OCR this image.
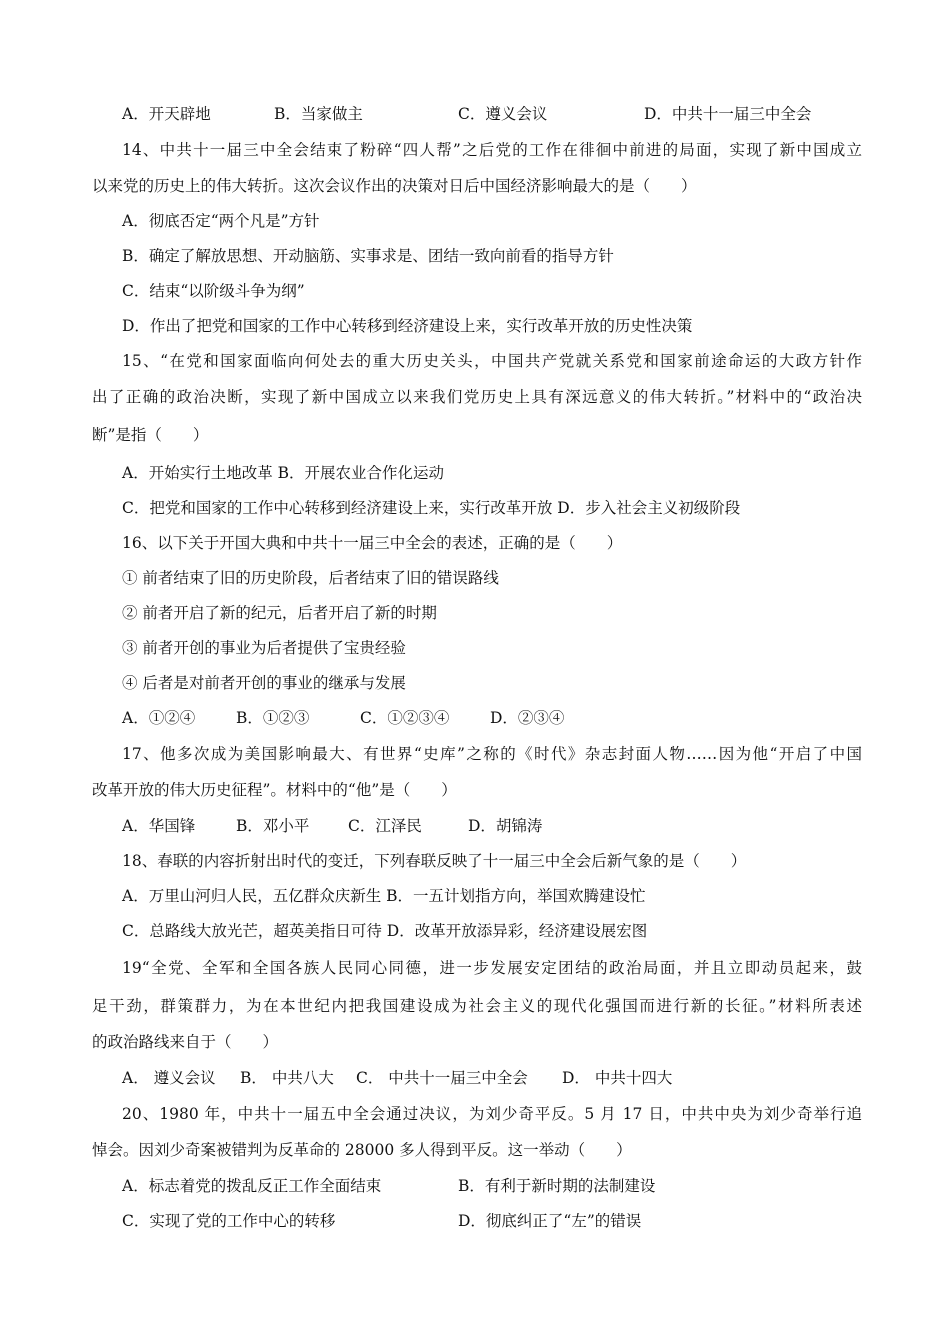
A．开天辟地	B．当家做主	C．遵义会议	D．中共十一届三中全会
14、中共十一届三中全会结束了粉碎“四人帮”之后党的工作在徘徊中前进的局面，实现了新中国成立
以来党的历史上的伟大转折。这次会议作出的决策对日后中国经济影响最大的是（　　）
A．彻底否定“两个凡是”方针
B．确定了解放思想、开动脑筋、实事求是、团结一致向前看的指导方针
C．结束“以阶级斗争为纲”
D．作出了把党和国家的工作中心转移到经济建设上来，实行改革开放的历史性决策
15、“在党和国家面临向何处去的重大历史关头，中国共产党就关系党和国家前途命运的大政方针作
出了正确的政治决断，实现了新中国成立以来我们党历史上具有深远意义的伟大转折。”材料中的“政治决
断”是指（　　）
A．开始实行土地改革 B．开展农业合作化运动
C．把党和国家的工作中心转移到经济建设上来，实行改革开放 D．步入社会主义初级阶段
16、以下关于开国大典和中共十一届三中全会的表述，正确的是（　　）
① 前者结束了旧的历史阶段，后者结束了旧的错误路线
② 前者开启了新的纪元，后者开启了新的时期
③ 前者开创的事业为后者提供了宝贵经验
④ 后者是对前者开创的事业的继承与发展
A．①②④	B．①②③	C．①②③④	D．②③④
17、他多次成为美国影响最大、有世界“史库”之称的《时代》杂志封面人物……因为他“开启了中国
改革开放的伟大历史征程”。材料中的“他”是（　　）
A．华国锋	B．邓小平 C．江泽民	D．胡锦涛
18、春联的内容折射出时代的变迁，下列春联反映了十一届三中全会后新气象的是（　　）
A．万里山河归人民，五亿群众庆新生 B．一五计划指方向，举国欢腾建设忙
C．总路线大放光芒，超英美指日可待 D．改革开放添异彩，经济建设展宏图
19“全党、全军和全国各族人民同心同德，进一步发展安定团结的政治局面，并且立即动员起来，鼓
足干劲，群策群力，为在本世纪内把我国建设成为社会主义的现代化强国而进行新的长征。”材料所表述
的政治路线来自于（　　）
A． 遵义会议 B． 中共八大 C． 中共十一届三中全会 D． 中共十四大
20、1980 年，中共十一届五中全会通过决议，为刘少奇平反。5 月 17 日，中共中央为刘少奇举行追
悼会。因刘少奇案被错判为反革命的 28000 多人得到平反。这一举动（　　）
A．标志着党的拨乱反正工作全面结束	B．有利于新时期的法制建设
C．实现了党的工作中心的转移	D．彻底纠正了“左”的错误
